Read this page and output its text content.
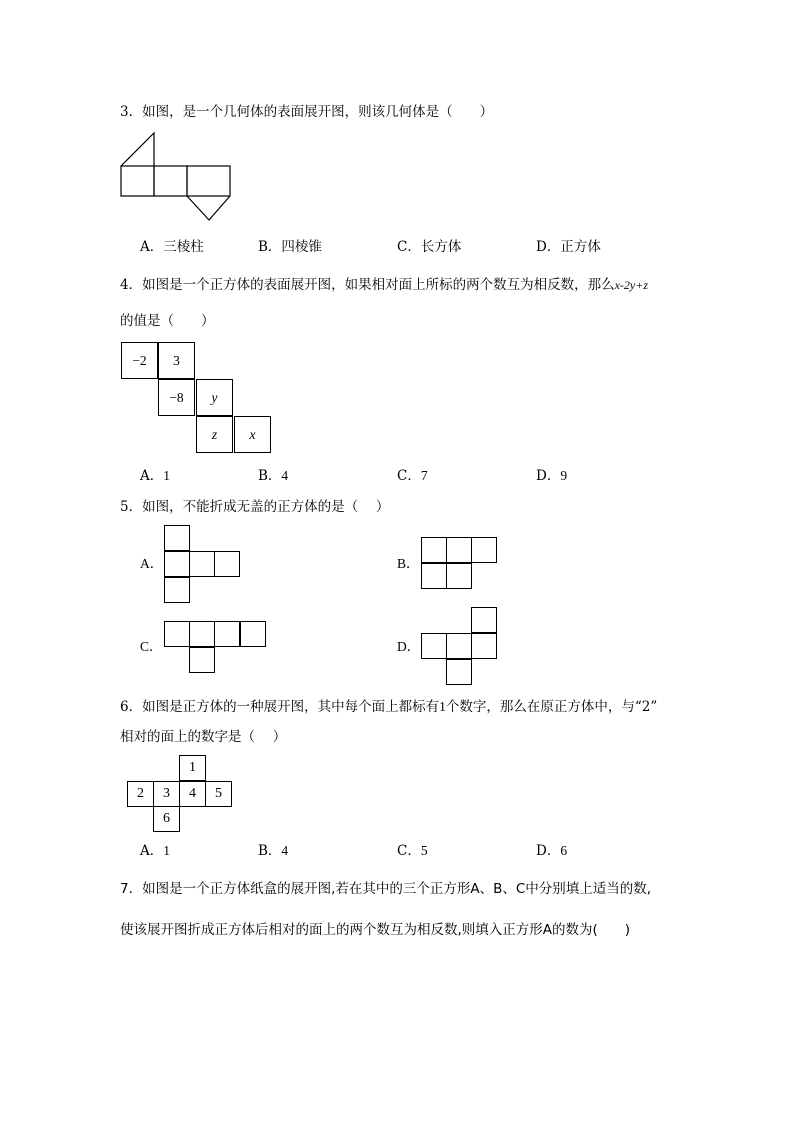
3．如图，是一个几何体的表面展开图，则该几何体是（　　）
A．三棱柱	B．四棱锥	C．长方体	D．正方体
4．如图是一个正方体的表面展开图，如果相对面上所标的两个数互为相反数，那么x-2y+z
的值是（　　）
−2	3
−8	y
z	x
A．1	B．4	C．7	D．9
5．如图，不能折成无盖的正方体的是（　 ）
A．	B．
C．	D．
6．如图是正方体的一种展开图，其中每个面上都标有1个数字，那么在原正方体中，与“2”
相对的面上的数字是（　 ）
1
2	3	4	5
6
A．1	B．4	C．5	D．6
7．如图是一个正方体纸盒的展开图,若在其中的三个正方形A、B、C中分别填上适当的数,
使该展开图折成正方体后相对的面上的两个数互为相反数,则填入正方形A的数为(　　)
